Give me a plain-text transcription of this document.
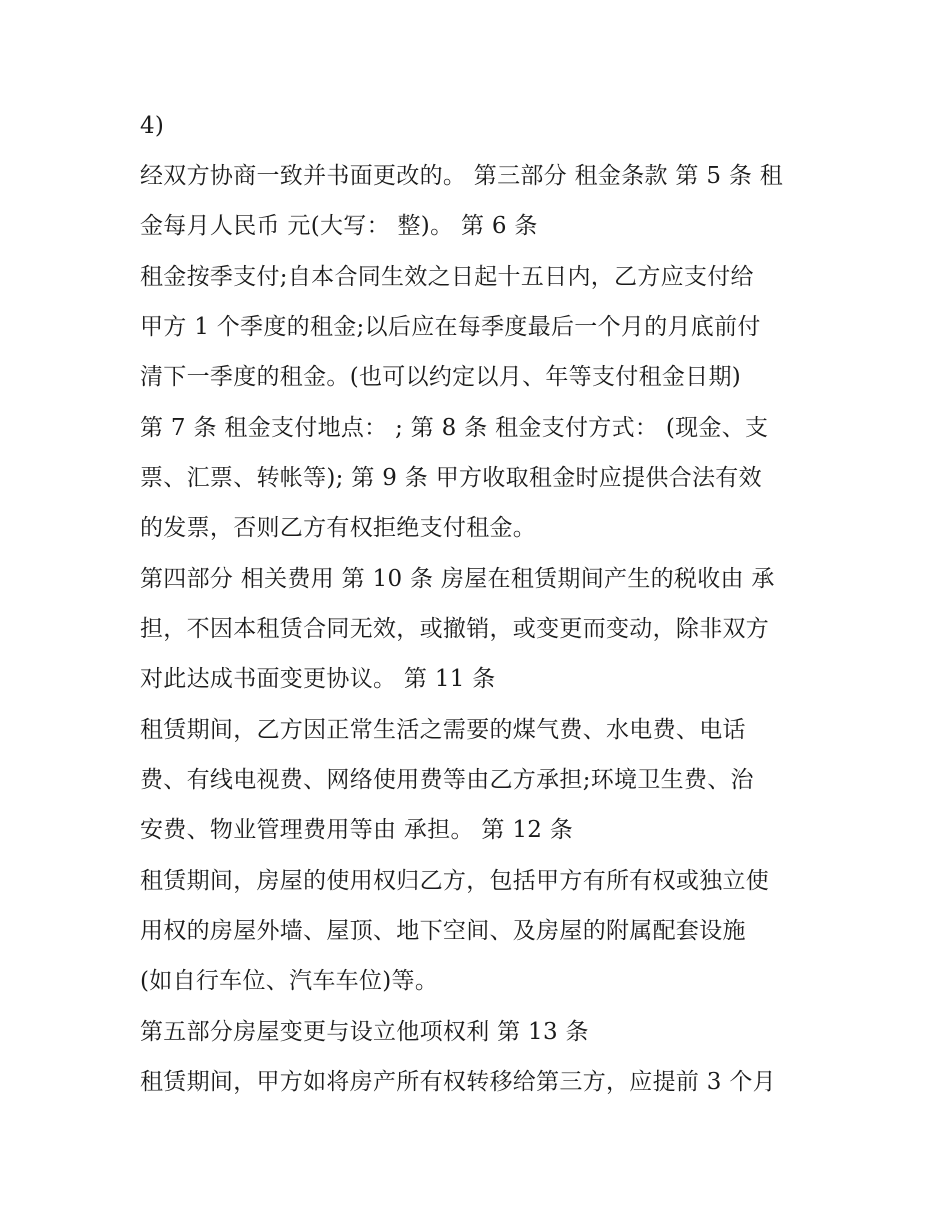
4)
经双方协商一致并书面更改的。 第三部分 租金条款 第 5 条 租
金每月人民币 元(大写： 整)。 第 6 条
租金按季支付;自本合同生效之日起十五日内，乙方应支付给
甲方 1 个季度的租金;以后应在每季度最后一个月的月底前付
清下一季度的租金。(也可以约定以月、年等支付租金日期)
第 7 条 租金支付地点： ; 第 8 条 租金支付方式： (现金、支
票、汇票、转帐等); 第 9 条 甲方收取租金时应提供合法有效
的发票，否则乙方有权拒绝支付租金。
第四部分 相关费用 第 10 条 房屋在租赁期间产生的税收由 承
担，不因本租赁合同无效，或撤销，或变更而变动，除非双方
对此达成书面变更协议。 第 11 条
租赁期间，乙方因正常生活之需要的煤气费、水电费、电话
费、有线电视费、网络使用费等由乙方承担;环境卫生费、治
安费、物业管理费用等由 承担。 第 12 条
租赁期间，房屋的使用权归乙方，包括甲方有所有权或独立使
用权的房屋外墙、屋顶、地下空间、及房屋的附属配套设施
(如自行车位、汽车车位)等。
第五部分房屋变更与设立他项权利 第 13 条
租赁期间，甲方如将房产所有权转移给第三方，应提前 3 个月
